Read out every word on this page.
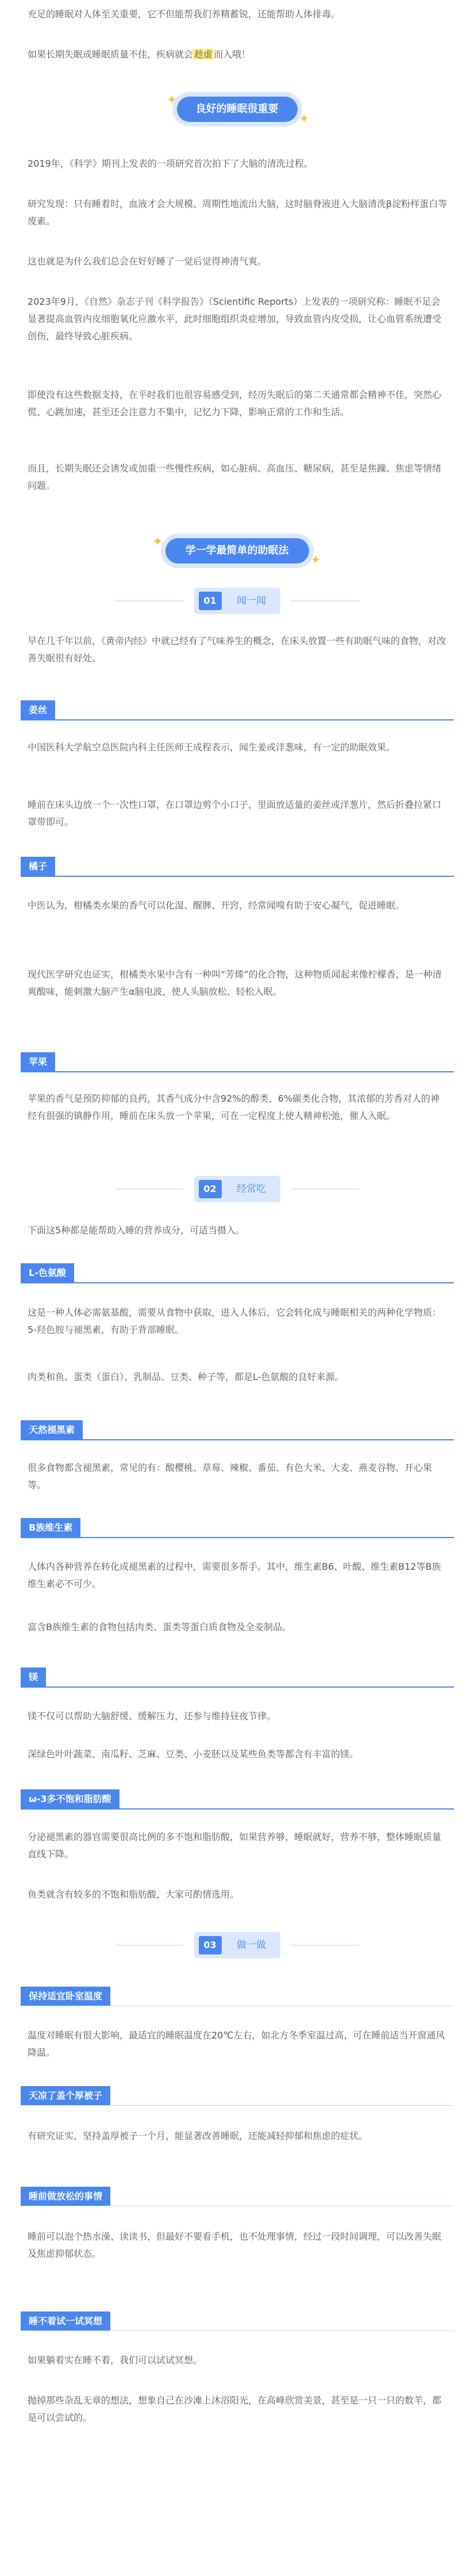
充足的睡眠对人体至关重要，它不但能帮我们养精蓄锐，还能帮助人体排毒。

如果长期失眠或睡眠质量不佳，疾病就会 趁虚 而入哦！

✦
良好的睡眠很重要
✦

2019年，《科学》期刊上发表的一项研究首次拍下了大脑的清洗过程。

研究发现：只有睡着时，血液才会大规模、周期性地流出大脑，这时脑脊液进入大脑清洗β淀粉样蛋白等废素。

这也就是为什么我们总会在好好睡了一觉后觉得神清气爽。

2023年9月，《自然》杂志子刊《科学报告》（Scientific Reports）上发表的一项研究称：睡眠不足会显著提高血管内皮细胞氧化应激水平，此时细胞组织炎症增加，导致血管内皮受损，让心血管系统遭受创伤，最终导致心脏疾病。

即使没有这些数据支持，在平时我们也很容易感受到，经历失眠后的第二天通常都会精神不佳，突然心慌、心跳加速，甚至还会注意力不集中，记忆力下降，影响正常的工作和生活。

而且，长期失眠还会诱发或加重一些慢性疾病，如心脏病、高血压、糖尿病，甚至是焦躁、焦虑等情绪问题。

✦
学一学最简单的助眠法
✦
01	闻一闻

早在几千年以前，《黄帝内经》中就已经有了气味养生的概念，在床头放置一些有助眠气味的食物，对改善失眠很有好处。

姜丝

中国医科大学航空总医院内科主任医师王成程表示，闻生姜或洋葱味，有一定的助眠效果。

睡前在床头边放一个一次性口罩，在口罩边剪个小口子，里面放适量的姜丝或洋葱片，然后折叠拉紧口罩带即可。

橘子

中医认为，柑橘类水果的香气可以化湿、醒脾、开窍，经常闻嗅有助于安心凝气，促进睡眠。

现代医学研究也证实，柑橘类水果中含有一种叫“芳烯”的化合物，这种物质闻起来像柠檬香，是一种清爽酸味，能刺激大脑产生α脑电波，使人头脑放松、轻松入眠。

苹果

苹果的香气是预防抑郁的良药，其香气成分中含92%的醇类，6%碳类化合物，其浓郁的芳香对人的神经有很强的镇静作用，睡前在床头放一个苹果，可在一定程度上使人精神松弛，催人入眠。

02	经常吃

下面这5种都是能帮助入睡的营养成分，可适当摄入。

L-色氨酸

这是一种人体必需氨基酸，需要从食物中获取，进入人体后，它会转化成与睡眠相关的两种化学物质：5-羟色胺与褪黑素，有助于背部睡眠。

肉类和鱼、蛋类（蛋白）、乳制品、豆类、种子等，都是L-色氨酸的良好来源。

天然褪黑素

很多食物都含褪黑素，常见的有：酸樱桃、草莓、辣椒、番茄、有色大米、大麦、燕麦谷物、开心果等。

B族维生素

人体内各种营养在转化成褪黑素的过程中，需要很多帮手。其中，维生素B6、叶酸、维生素B12等B族维生素必不可少。

富含B族维生素的食物包括肉类、蛋类等蛋白质食物及全麦制品。

镁

镁不仅可以帮助大脑舒缓、缓解压力，还参与维持昼夜节律。

深绿色叶叶蔬菜、南瓜籽、芝麻、豆类、小麦胚以及某些鱼类等都含有丰富的镁。

ω-3多不饱和脂肪酸

分泌褪黑素的器官需要很高比例的多不饱和脂肪酸，如果营养够，睡眠就好，营养不够，整体睡眠质量直线下降。

鱼类就含有较多的不饱和脂肪酸，大家可酌情选用。

03	做一做
保持适宜卧室温度

温度对睡眠有很大影响，最适宜的睡眠温度在20℃左右，如北方冬季室温过高，可在睡前适当开窗通风降温。

天凉了盖个厚被子

有研究证实，坚持盖厚被子一个月，能显著改善睡眠，还能减轻抑郁和焦虑的症状。

睡前做放松的事情

睡前可以泡个热水澡、读读书，但最好不要看手机，也不处理事情，经过一段时间调理，可以改善失眠及焦虑抑郁状态。

睡不着试一试冥想

如果躺着实在睡不着，我们可以试试冥想。

抛掉那些杂乱无章的想法，想象自己在沙滩上沐浴阳光，在高峰欣赏美景，甚至是一只一只的数羊，都是可以尝试的。
